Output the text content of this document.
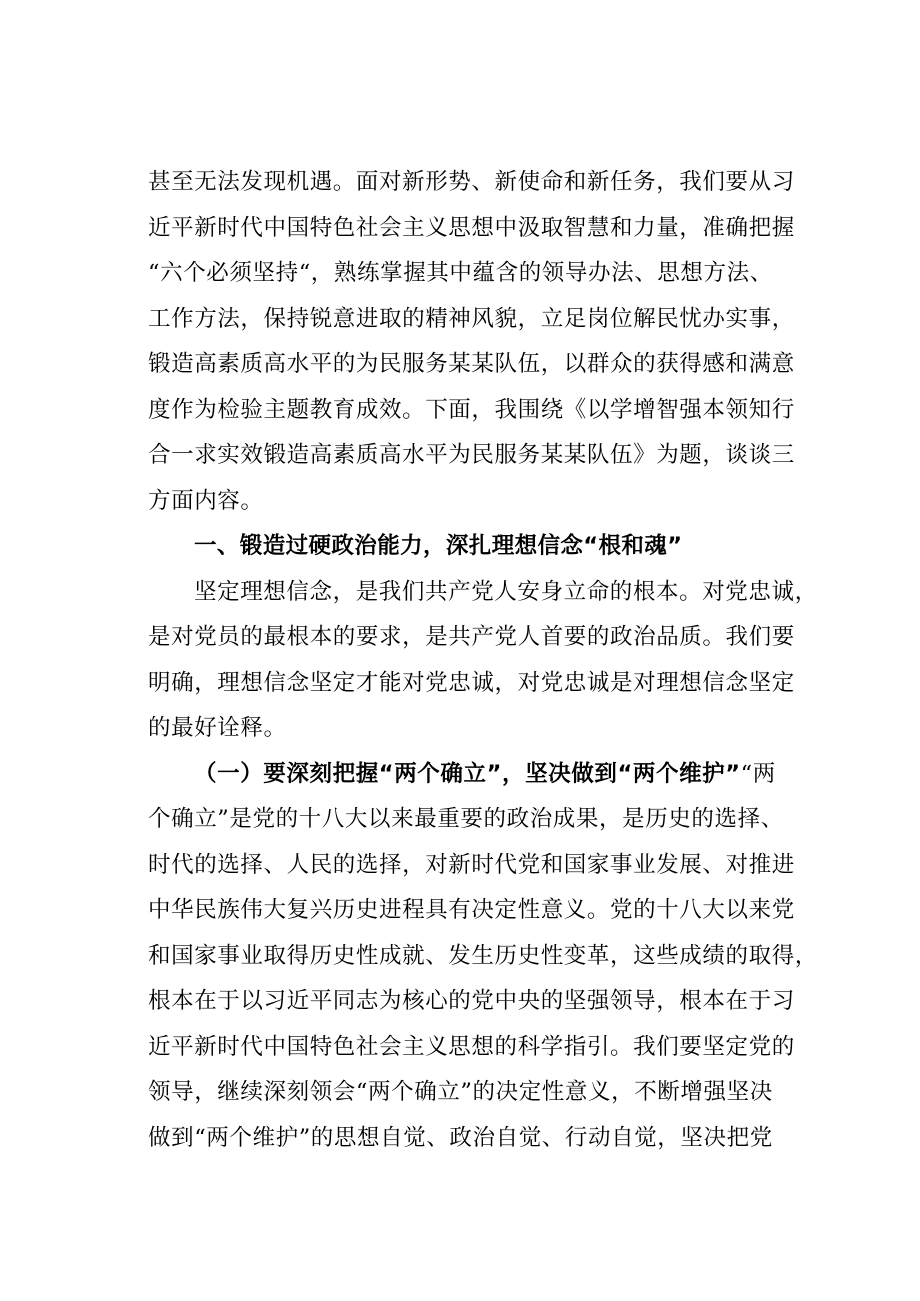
甚至无法发现机遇。面对新形势、新使命和新任务，我们要从习
近平新时代中国特色社会主义思想中汲取智慧和力量，准确把握
“六个必须坚持“，熟练掌握其中蕴含的领导办法、思想方法、
工作方法，保持锐意进取的精神风貌，立足岗位解民忧办实事，
锻造高素质高水平的为民服务某某队伍，以群众的获得感和满意
度作为检验主题教育成效。下面，我围绕《以学增智强本领知行
合一求实效锻造高素质高水平为民服务某某队伍》为题，谈谈三
方面内容。
一、锻造过硬政治能力，深扎理想信念“根和魂”
坚定理想信念，是我们共产党人安身立命的根本。对党忠诚，
是对党员的最根本的要求，是共产党人首要的政治品质。我们要
明确，理想信念坚定才能对党忠诚，对党忠诚是对理想信念坚定
的最好诠释。
（一）要深刻把握“两个确立”，坚决做到“两个维护”“两
个确立”是党的十八大以来最重要的政治成果，是历史的选择、
时代的选择、人民的选择，对新时代党和国家事业发展、对推进
中华民族伟大复兴历史进程具有决定性意义。党的十八大以来党
和国家事业取得历史性成就、发生历史性变革，这些成绩的取得，
根本在于以习近平同志为核心的党中央的坚强领导，根本在于习
近平新时代中国特色社会主义思想的科学指引。我们要坚定党的
领导，继续深刻领会“两个确立”的决定性意义，不断增强坚决
做到“两个维护”的思想自觉、政治自觉、行动自觉，坚决把党
